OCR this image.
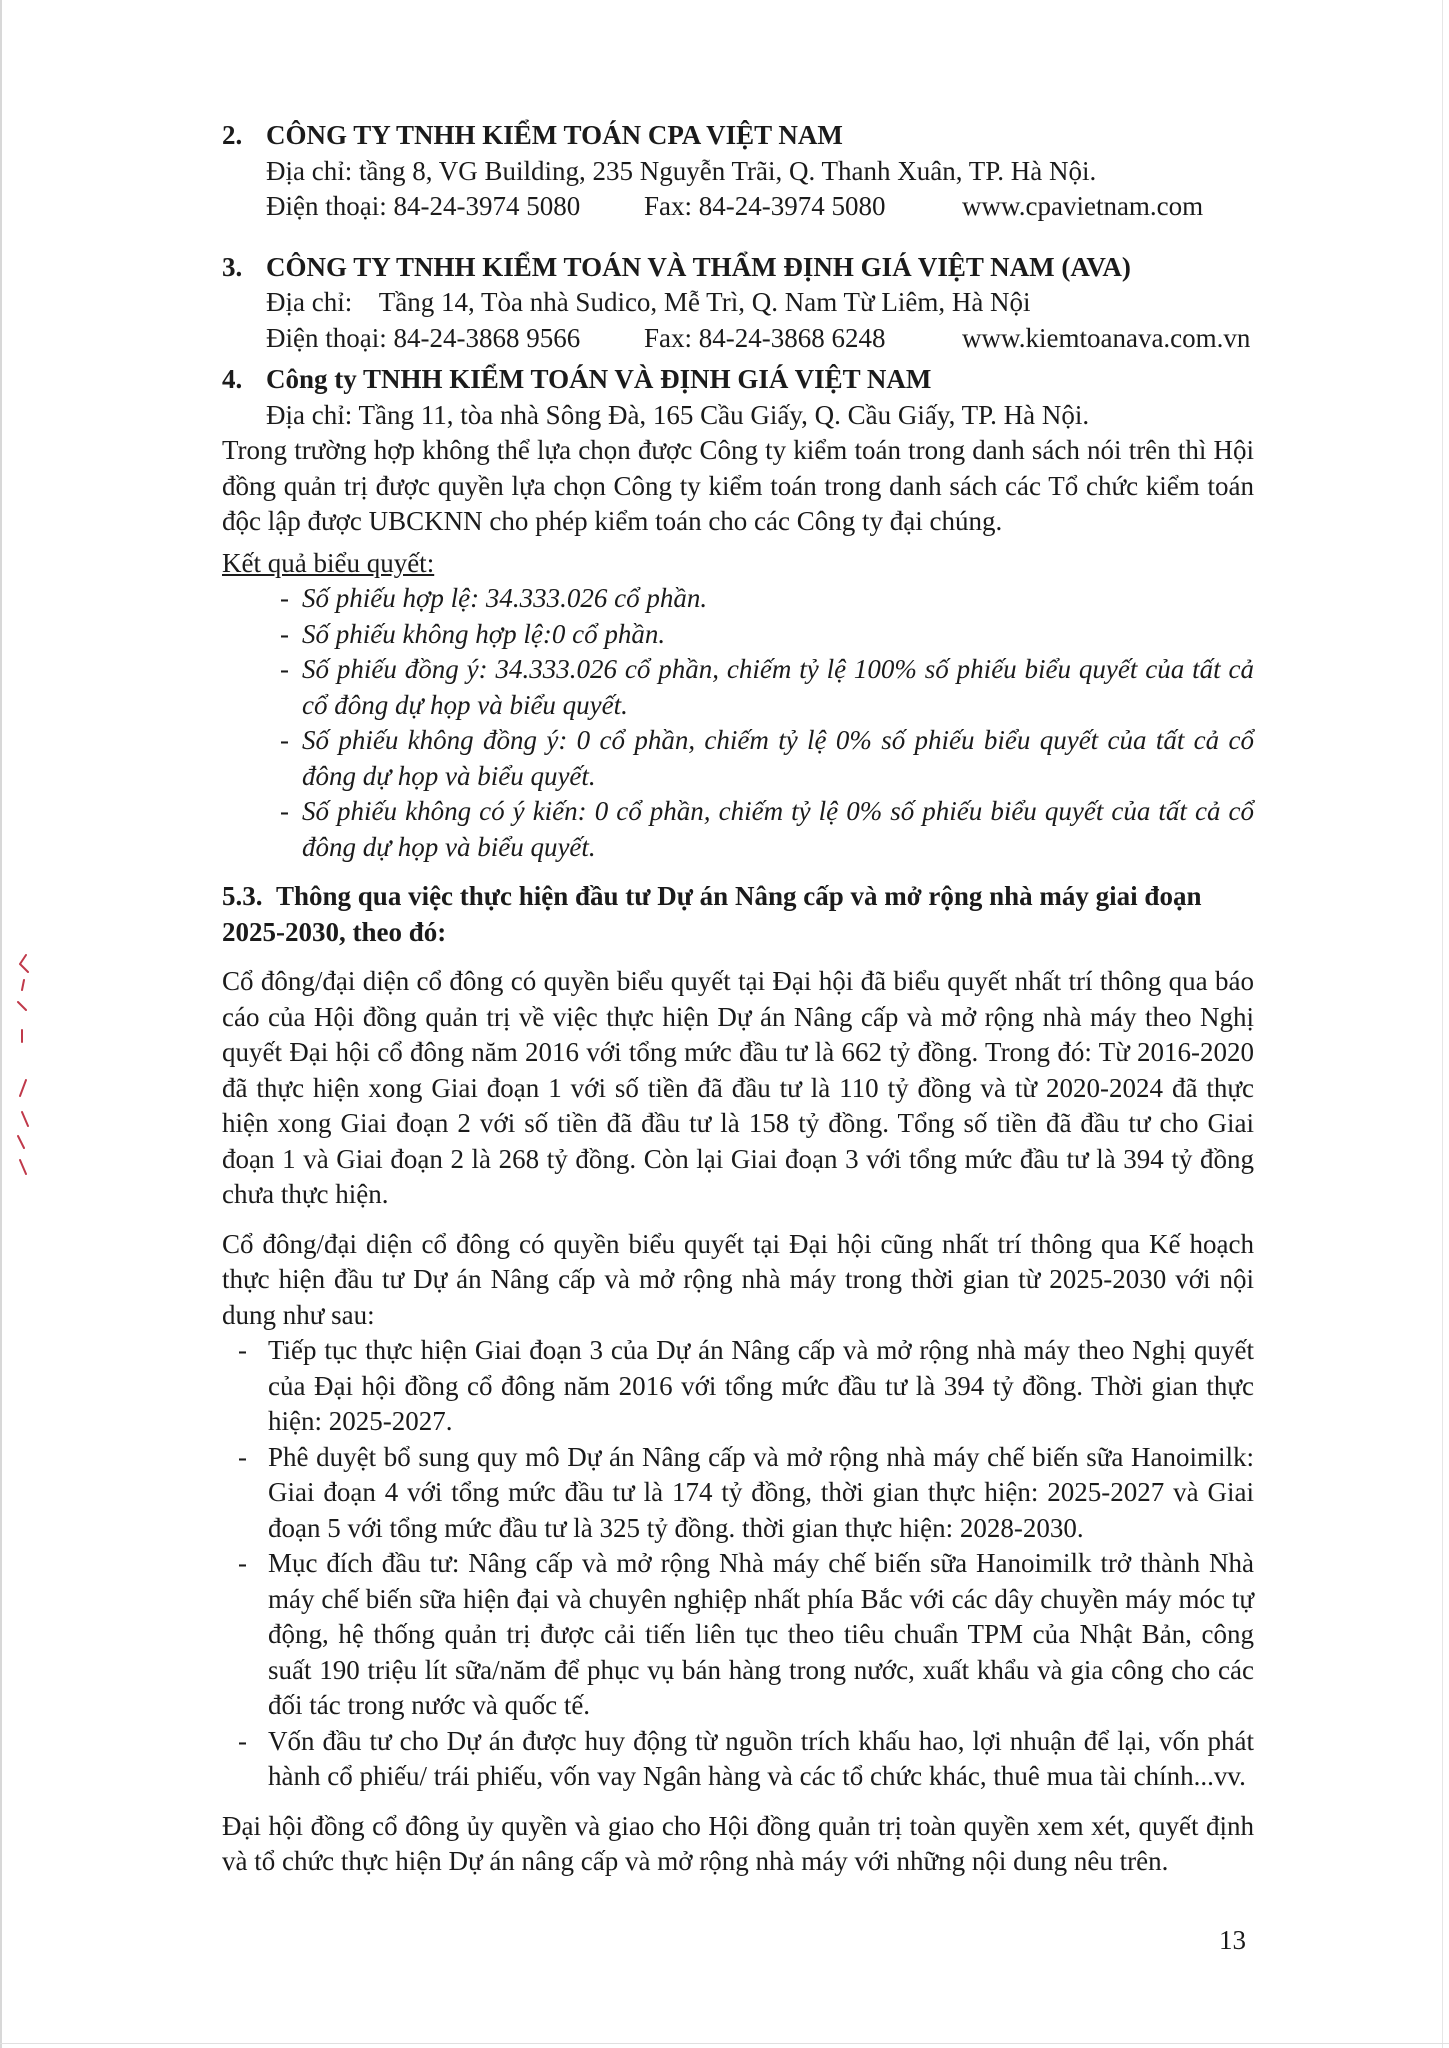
2. CÔNG TY TNHH KIỂM TOÁN CPA VIỆT NAM
Địa chỉ: tầng 8, VG Building, 235 Nguyễn Trãi, Q. Thanh Xuân, TP. Hà Nội.
Điện thoại: 84-24-3974 5080	Fax: 84-24-3974 5080	www.cpavietnam.com
3. CÔNG TY TNHH KIỂM TOÁN VÀ THẨM ĐỊNH GIÁ VIỆT NAM (AVA)
Địa chỉ:    Tầng 14, Tòa nhà Sudico, Mễ Trì, Q. Nam Từ Liêm, Hà Nội
Điện thoại: 84-24-3868 9566	Fax: 84-24-3868 6248	www.kiemtoanava.com.vn
4. Công ty TNHH KIỂM TOÁN VÀ ĐỊNH GIÁ VIỆT NAM
Địa chỉ: Tầng 11, tòa nhà Sông Đà, 165 Cầu Giấy, Q. Cầu Giấy, TP. Hà Nội.

Trong trường hợp không thể lựa chọn được Công ty kiểm toán trong danh sách nói trên thì Hội đồng quản trị được quyền lựa chọn Công ty kiểm toán trong danh sách các Tổ chức kiểm toán độc lập được UBCKNN cho phép kiểm toán cho các Công ty đại chúng.

Kết quả biểu quyết:
- Số phiếu hợp lệ: 34.333.026 cổ phần.
- Số phiếu không hợp lệ:0 cổ phần.
- Số phiếu đồng ý: 34.333.026 cổ phần, chiếm tỷ lệ 100% số phiếu biểu quyết của tất cả cổ đông dự họp và biểu quyết.
- Số phiếu không đồng ý: 0 cổ phần, chiếm tỷ lệ 0% số phiếu biểu quyết của tất cả cổ đông dự họp và biểu quyết.
- Số phiếu không có ý kiến: 0 cổ phần, chiếm tỷ lệ 0% số phiếu biểu quyết của tất cả cổ đông dự họp và biểu quyết.
5.3. Thông qua việc thực hiện đầu tư Dự án Nâng cấp và mở rộng nhà máy giai đoạn 2025-2030, theo đó:

Cổ đông/đại diện cổ đông có quyền biểu quyết tại Đại hội đã biểu quyết nhất trí thông qua báo cáo của Hội đồng quản trị về việc thực hiện Dự án Nâng cấp và mở rộng nhà máy theo Nghị quyết Đại hội cổ đông năm 2016 với tổng mức đầu tư là 662 tỷ đồng. Trong đó: Từ 2016-2020 đã thực hiện xong Giai đoạn 1 với số tiền đã đầu tư là 110 tỷ đồng và từ 2020-2024 đã thực hiện xong Giai đoạn 2 với số tiền đã đầu tư là 158 tỷ đồng. Tổng số tiền đã đầu tư cho Giai đoạn 1 và Giai đoạn 2 là 268 tỷ đồng. Còn lại Giai đoạn 3 với tổng mức đầu tư là 394 tỷ đồng chưa thực hiện.

Cổ đông/đại diện cổ đông có quyền biểu quyết tại Đại hội cũng nhất trí thông qua Kế hoạch thực hiện đầu tư Dự án Nâng cấp và mở rộng nhà máy trong thời gian từ 2025-2030 với nội dung như sau:

- Tiếp tục thực hiện Giai đoạn 3 của Dự án Nâng cấp và mở rộng nhà máy theo Nghị quyết của Đại hội đồng cổ đông năm 2016 với tổng mức đầu tư là 394 tỷ đồng. Thời gian thực hiện: 2025-2027.
- Phê duyệt bổ sung quy mô Dự án Nâng cấp và mở rộng nhà máy chế biến sữa Hanoimilk: Giai đoạn 4 với tổng mức đầu tư là 174 tỷ đồng, thời gian thực hiện: 2025-2027 và Giai đoạn 5 với tổng mức đầu tư là 325 tỷ đồng. thời gian thực hiện: 2028-2030.
- Mục đích đầu tư: Nâng cấp và mở rộng Nhà máy chế biến sữa Hanoimilk trở thành Nhà máy chế biến sữa hiện đại và chuyên nghiệp nhất phía Bắc với các dây chuyền máy móc tự động, hệ thống quản trị được cải tiến liên tục theo tiêu chuẩn TPM của Nhật Bản, công suất 190 triệu lít sữa/năm để phục vụ bán hàng trong nước, xuất khẩu và gia công cho các đối tác trong nước và quốc tế.
- Vốn đầu tư cho Dự án được huy động từ nguồn trích khấu hao, lợi nhuận để lại, vốn phát hành cổ phiếu/ trái phiếu, vốn vay Ngân hàng và các tổ chức khác, thuê mua tài chính...vv.

Đại hội đồng cổ đông ủy quyền và giao cho Hội đồng quản trị toàn quyền xem xét, quyết định và tổ chức thực hiện Dự án nâng cấp và mở rộng nhà máy với những nội dung nêu trên.

13
